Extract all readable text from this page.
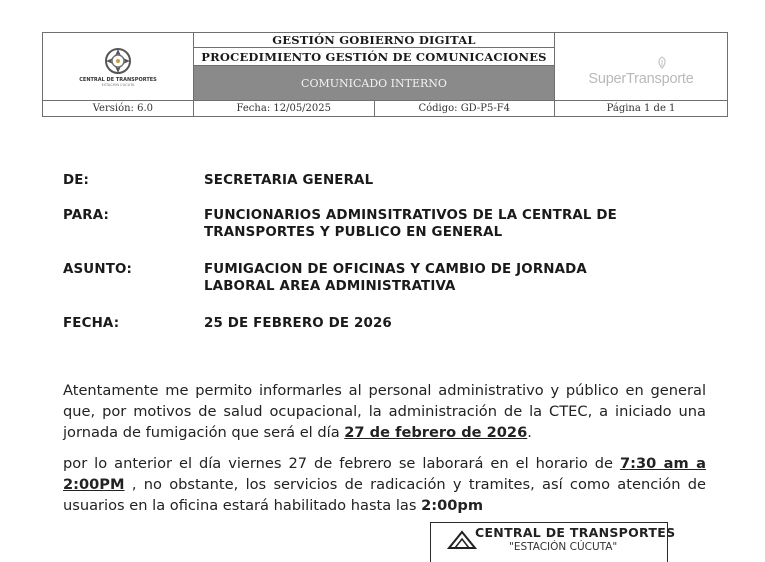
CENTRAL DE TRANSPORTES
ESTACION CUCUTA	GESTIÓN GOBIERNO DIGITAL		SuperTransporte

	PROCEDIMIENTO GESTIÓN DE COMUNICACIONES		
	COMUNICADO INTERNO		
Versión: 6.0	Fecha: 12/05/2025	Código: GD-P5-F4	Página 1 de 1
DE:	SECRETARIA GENERAL
PARA:	FUNCIONARIOS ADMINSITRATIVOS DE LA CENTRAL DE TRANSPORTES Y PUBLICO EN GENERAL
ASUNTO:	FUMIGACION DE OFICINAS Y CAMBIO DE JORNADA LABORAL AREA ADMINISTRATIVA
FECHA:	25 DE FEBRERO DE 2026
Atentamente me permito informarles al personal administrativo y público en general que, por motivos de salud ocupacional, la administración de la CTEC, a iniciado una jornada de fumigación que será el día 27 de febrero de 2026.
por lo anterior el día viernes 27 de febrero se laborará en el horario de 7:30 am a 2:00PM , no obstante, los servicios de radicación y tramites, así como atención de usuarios en la oficina estará habilitado hasta las 2:00pm
CENTRAL DE TRANSPORTES
"ESTACIÓN CÚCUTA"
